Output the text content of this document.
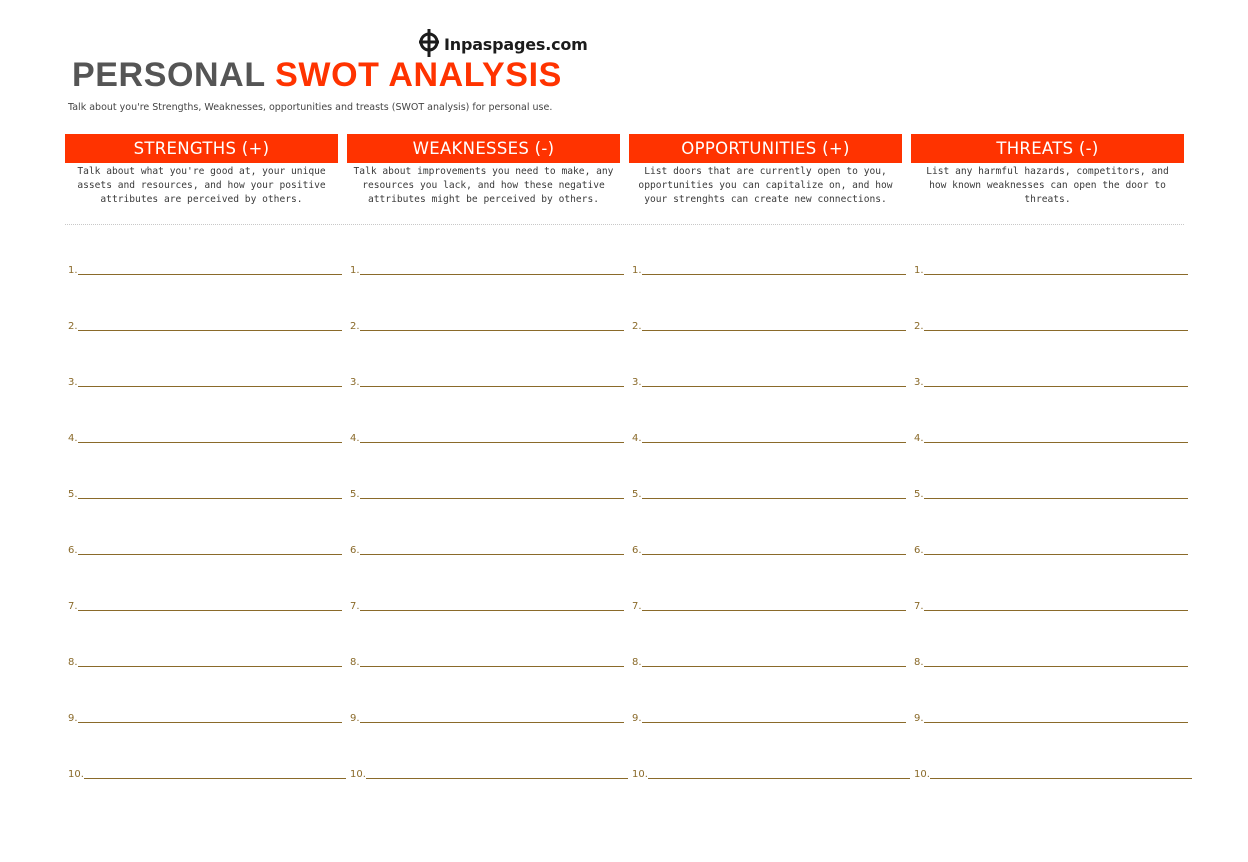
Inpaspages.com
PERSONAL SWOT ANALYSIS
Talk about you're Strengths, Weaknesses, opportunities and treasts (SWOT analysis) for personal use.
STRENGTHS (+)
Talk about what you're good at, your unique assets and resources, and how your positive attributes are perceived by others.
1.
2.
3.
4.
5.
6.
7.
8.
9.
10.
WEAKNESSES (-)
Talk about improvements you need to make, any resources you lack, and how these negative attributes might be perceived by others.
1.
2.
3.
4.
5.
6.
7.
8.
9.
10.
OPPORTUNITIES (+)
List doors that are currently open to you, opportunities you can capitalize on, and how your strenghts can create new connections.
1.
2.
3.
4.
5.
6.
7.
8.
9.
10.
THREATS (-)
List any harmful hazards, competitors, and how known weaknesses can open the door to threats.
1.
2.
3.
4.
5.
6.
7.
8.
9.
10.
